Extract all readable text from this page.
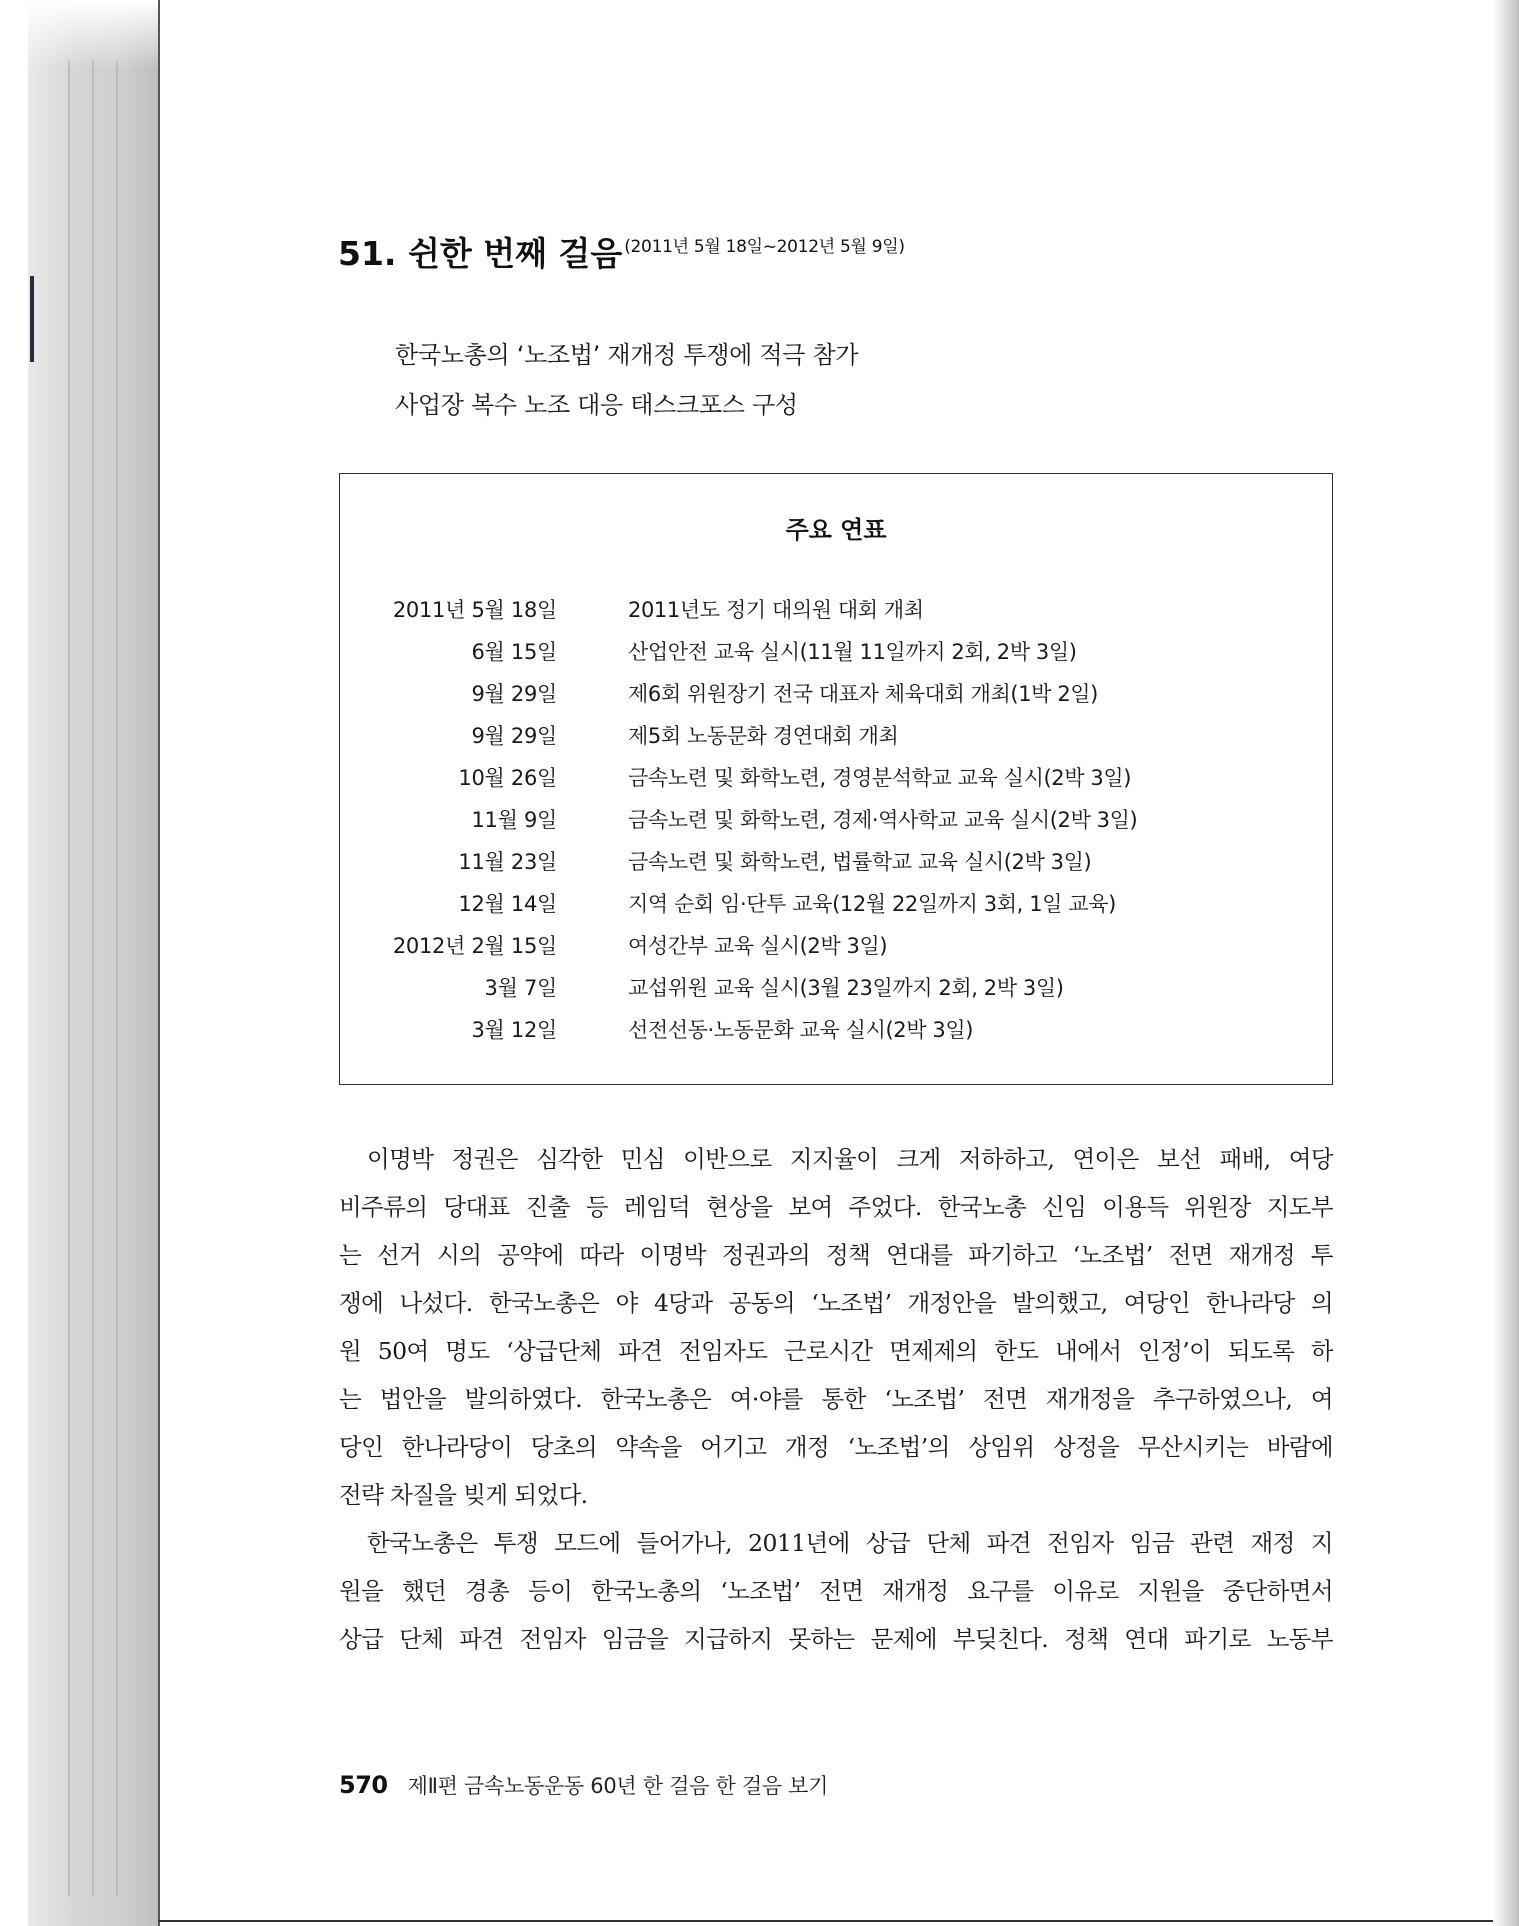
51. 쉰한 번째 걸음 $^{(2011년 5월 18일\sim 2012년 5월 9일)}$
한국노총의 ‘노조법’ 재개정 투쟁에 적극 참가
사업장 복수 노조 대응 태스크포스 구성
주요 연표
2011년 5월 18일	2011년도 정기 대의원 대회 개최
6월 15일	산업안전 교육 실시(11월 11일까지 2회, 2박 3일)
9월 29일	제6회 위원장기 전국 대표자 체육대회 개최(1박 2일)
9월 29일	제5회 노동문화 경연대회 개최
10월 26일	금속노련 및 화학노련, 경영분석학교 교육 실시(2박 3일)
11월 9일	금속노련 및 화학노련, 경제·역사학교 교육 실시(2박 3일)
11월 23일	금속노련 및 화학노련, 법률학교 교육 실시(2박 3일)
12월 14일	지역 순회 임·단투 교육(12월 22일까지 3회, 1일 교육)
2012년 2월 15일	여성간부 교육 실시(2박 3일)
3월 7일	교섭위원 교육 실시(3월 23일까지 2회, 2박 3일)
3월 12일	선전선동·노동문화 교육 실시(2박 3일)
이명박 정권은 심각한 민심 이반으로 지지율이 크게 저하하고, 연이은 보선 패배, 여당
비주류의 당대표 진출 등 레임덕 현상을 보여 주었다. 한국노총 신임 이용득 위원장 지도부
는 선거 시의 공약에 따라 이명박 정권과의 정책 연대를 파기하고 ‘노조법’ 전면 재개정 투
쟁에 나섰다. 한국노총은 야 4당과 공동의 ‘노조법’ 개정안을 발의했고, 여당인 한나라당 의
원 50여 명도 ‘상급단체 파견 전임자도 근로시간 면제제의 한도 내에서 인정’이 되도록 하
는 법안을 발의하였다. 한국노총은 여·야를 통한 ‘노조법’ 전면 재개정을 추구하였으나, 여
당인 한나라당이 당초의 약속을 어기고 개정 ‘노조법’의 상임위 상정을 무산시키는 바람에
전략 차질을 빚게 되었다.
한국노총은 투쟁 모드에 들어가나, 2011년에 상급 단체 파견 전임자 임금 관련 재정 지
원을 했던 경총 등이 한국노총의 ‘노조법’ 전면 재개정 요구를 이유로 지원을 중단하면서
상급 단체 파견 전임자 임금을 지급하지 못하는 문제에 부딪친다. 정책 연대 파기로 노동부
570 제Ⅱ편 금속노동운동 60년 한 걸음 한 걸음 보기
